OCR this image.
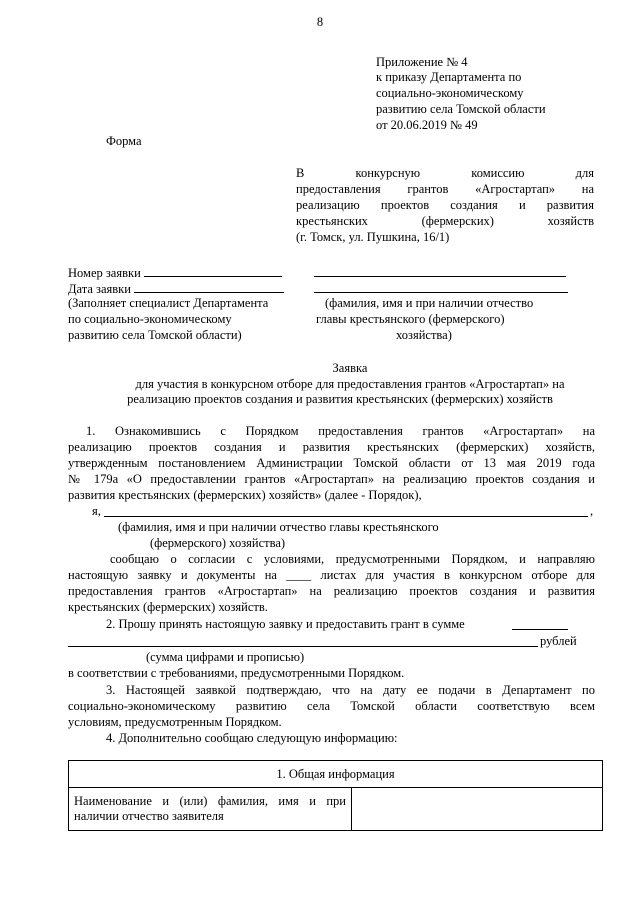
8
Приложение № 4
к приказу Департамента по
социально-экономическому
развитию села Томской области
от 20.06.2019 № 49
Форма
В конкурсную комиссию для
предоставления грантов «Агростартап» на
реализацию проектов создания и развития
крестьянских (фермерских) хозяйств
(г. Томск, ул. Пушкина, 16/1)
Номер заявки
Дата заявки
(Заполняет специалист Департамента
по социально-экономическому
развитию села Томской области)
(фамилия, имя и при наличии отчество
главы крестьянского (фермерского)
хозяйства)
Заявка
для участия в конкурсном отборе для предоставления грантов «Агростартап» на
реализацию проектов создания и развития крестьянских (фермерских) хозяйств
1. Ознакомившись с Порядком предоставления грантов «Агростартап» на
реализацию проектов создания и развития крестьянских (фермерских) хозяйств,
утвержденным постановлением Администрации Томской области от 13 мая 2019 года
№ 179а «О предоставлении грантов «Агростартап» на реализацию проектов создания и
развития крестьянских (фермерских) хозяйств» (далее - Порядок),
я,	,
(фамилия, имя и при наличии отчество главы крестьянского
(фермерского) хозяйства)
сообщаю о согласии с условиями, предусмотренными Порядком, и направляю
настоящую заявку и документы на ____ листах для участия в конкурсном отборе для
предоставления грантов «Агростартап» на реализацию проектов создания и развития
крестьянских (фермерских) хозяйств.
2. Прошу принять настоящую заявку и предоставить грант в сумме
рублей
(сумма цифрами и прописью)
в соответствии с требованиями, предусмотренными Порядком.
3. Настоящей заявкой подтверждаю, что на дату ее подачи в Департамент по
социально-экономическому развитию села Томской области соответствую всем
условиям, предусмотренным Порядком.
4. Дополнительно сообщаю следующую информацию:
1. Общая информация
Наименование и (или) фамилия, имя и при наличии отчество заявителя	
